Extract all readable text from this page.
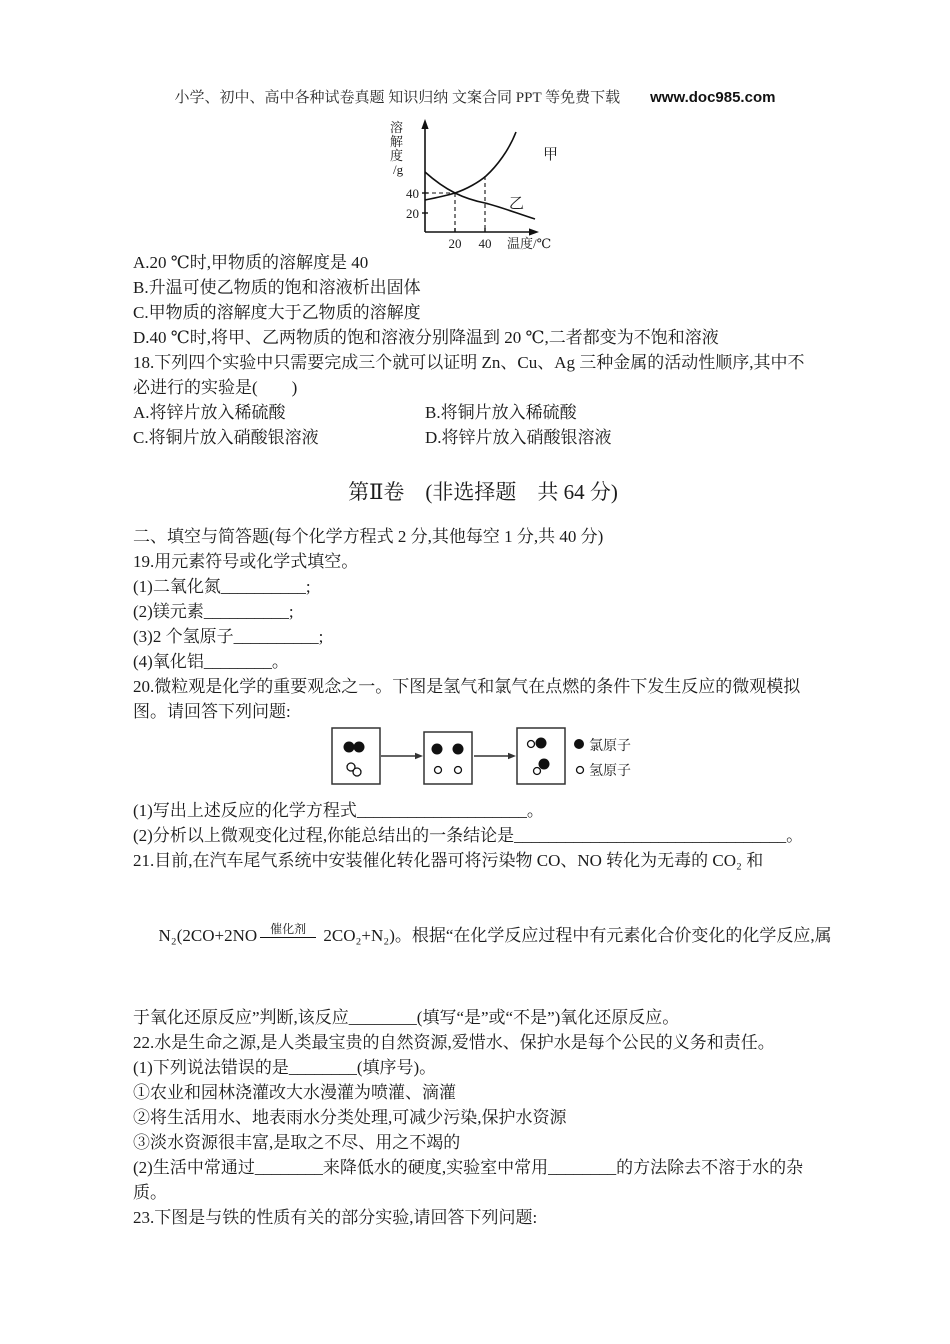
小学、初中、高中各种试卷真题 知识归纳 文案合同 PPT 等免费下载 www.doc985.com
溶
解
度
/g
40
20
20 40 温度/℃
甲
乙
A.20 ℃时,甲物质的溶解度是 40
B.升温可使乙物质的饱和溶液析出固体
C.甲物质的溶解度大于乙物质的溶解度
D.40 ℃时,将甲、乙两物质的饱和溶液分别降温到 20 ℃,二者都变为不饱和溶液
18.下列四个实验中只需要完成三个就可以证明 Zn、Cu、Ag 三种金属的活动性顺序,其中不
必进行的实验是(　　)
A.将锌片放入稀硫酸	B.将铜片放入稀硫酸
C.将铜片放入硝酸银溶液	D.将锌片放入硝酸银溶液
第Ⅱ卷　(非选择题　共 64 分)
二、填空与简答题(每个化学方程式 2 分,其他每空 1 分,共 40 分)
19.用元素符号或化学式填空。
(1)二氧化氮__________;
(2)镁元素__________;
(3)2 个氢原子__________;
(4)氧化铝________。
20.微粒观是化学的重要观念之一。下图是氢气和氯气在点燃的条件下发生反应的微观模拟
图。请回答下列问题:
氯原子
氢原子
(1)写出上述反应的化学方程式____________________。
(2)分析以上微观变化过程,你能总结出的一条结论是________________________________。
21.目前,在汽车尾气系统中安装催化转化器可将污染物 CO、NO 转化为无毒的 CO₂ 和

N₂(2CO+2NO	催化剂 2CO₂+N₂)。根据“在化学反应过程中有元素化合价变化的化学反应,属

于氧化还原反应”判断,该反应________(填写“是”或“不是”)氧化还原反应。
22.水是生命之源,是人类最宝贵的自然资源,爱惜水、保护水是每个公民的义务和责任。
(1)下列说法错误的是________(填序号)。
①农业和园林浇灌改大水漫灌为喷灌、滴灌
②将生活用水、地表雨水分类处理,可减少污染,保护水资源
③淡水资源很丰富,是取之不尽、用之不竭的
(2)生活中常通过________来降低水的硬度,实验室中常用________的方法除去不溶于水的杂
质。
23.下图是与铁的性质有关的部分实验,请回答下列问题:
